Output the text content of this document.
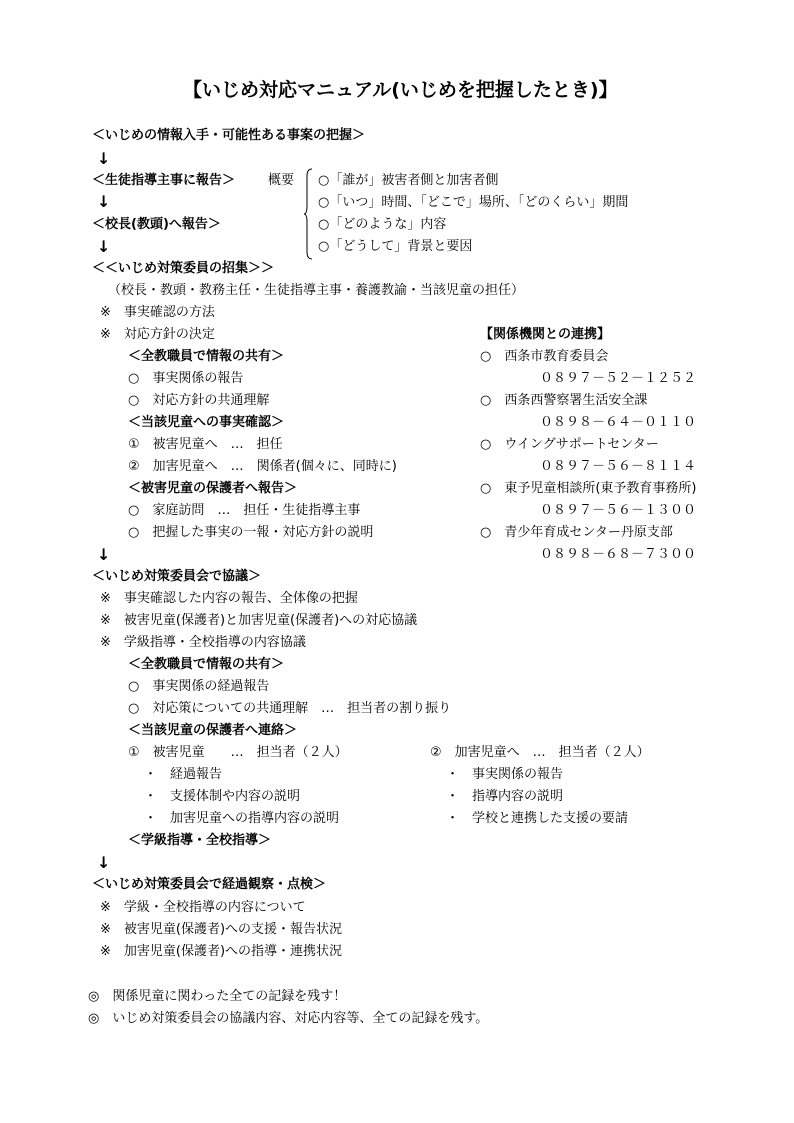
【いじめ対応マニュアル(いじめを把握したとき)】
＜いじめの情報入手・可能性ある事案の把握＞
↓
＜生徒指導主事に報告＞
↓
＜校長(教頭)へ報告＞
↓
概要 ○「誰が」被害者側と加害者側
○「いつ」時間、「どこで」場所、「どのくらい」期間
○「どのような」内容
○「どうして」背景と要因
＜＜いじめ対策委員の招集＞＞
（校長・教頭・教務主任・生徒指導主事・養護教諭・当該児童の担任）
※　事実確認の方法
※　対応方針の決定
＜全教職員で情報の共有＞
○　事実関係の報告
○　対応方針の共通理解
＜当該児童への事実確認＞
①　被害児童へ　…　担任
②　加害児童へ　…　関係者(個々に、同時に)
＜被害児童の保護者へ報告＞
○　家庭訪問　…　担任・生徒指導主事
○　把握した事実の一報・対応方針の説明
↓
【関係機関との連携】
○　西条市教育委員会
０８９７－５２－１２５２
○　西条西警察署生活安全課
０８９８－６４－０１１０
○　ウイングサポートセンター
０８９７－５６－８１１４
○　東予児童相談所(東予教育事務所)
０８９７－５６－１３００
○　青少年育成センター丹原支部
０８９８－６８－７３００
＜いじめ対策委員会で協議＞
※　事実確認した内容の報告、全体像の把握
※　被害児童(保護者)と加害児童(保護者)への対応協議
※　学級指導・全校指導の内容協議
＜全教職員で情報の共有＞
○　事実関係の経過報告
○　対応策についての共通理解　…　担当者の割り振り
＜当該児童の保護者へ連絡＞
①　被害児童　　…　担当者（２人）
・　経過報告
・　支援体制や内容の説明
・　加害児童への指導内容の説明
②　加害児童へ　…　担当者（２人）
・　事実関係の報告
・　指導内容の説明
・　学校と連携した支援の要請
＜学級指導・全校指導＞
↓
＜いじめ対策委員会で経過観察・点検＞
※　学級・全校指導の内容について
※　被害児童(保護者)への支援・報告状況
※　加害児童(保護者)への指導・連携状況
◎　関係児童に関わった全ての記録を残す！
◎　いじめ対策委員会の協議内容、対応内容等、全ての記録を残す。
